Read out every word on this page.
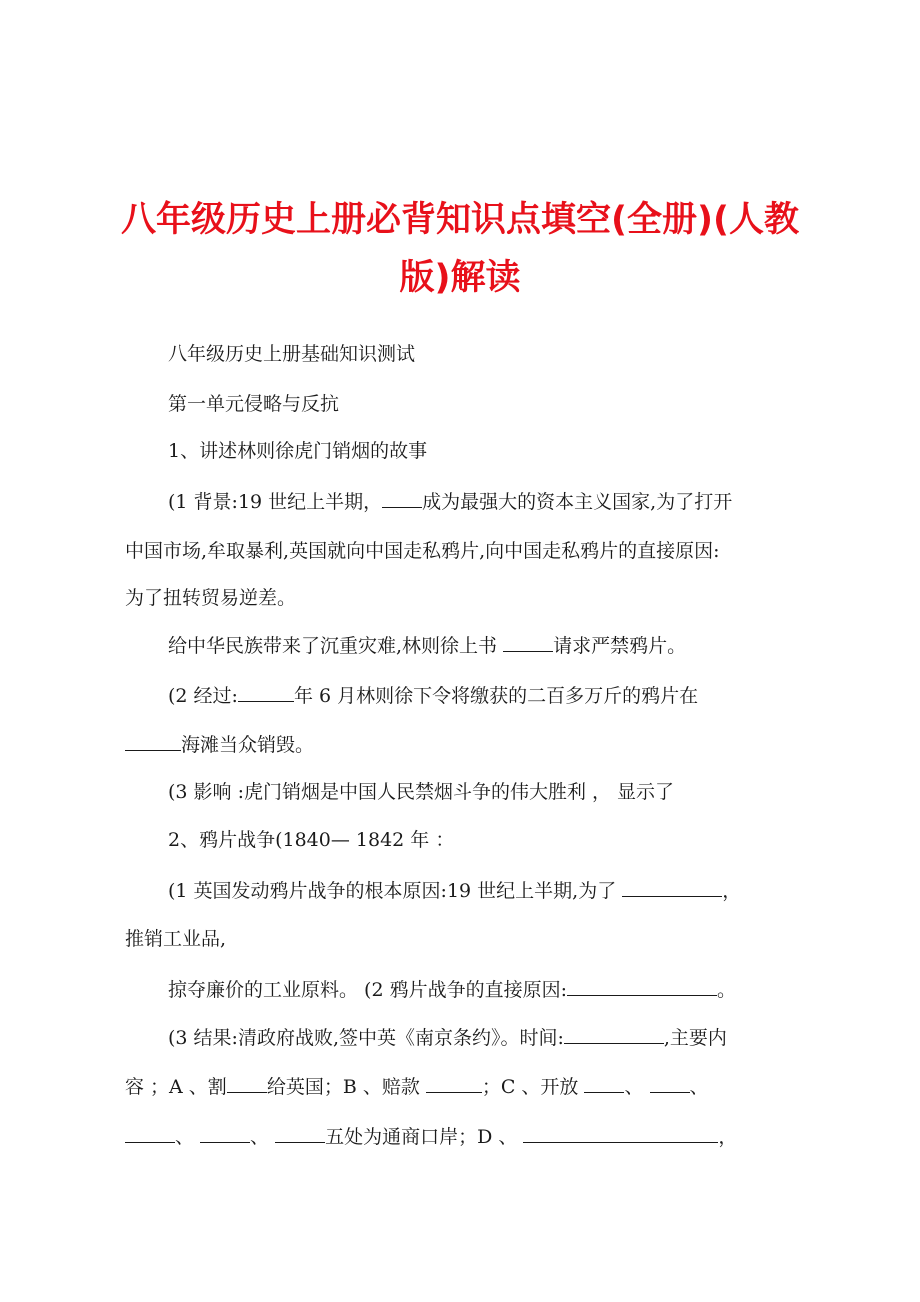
八年级历史上册必背知识点填空(全册)(人教
版)解读
八年级历史上册基础知识测试
第一单元侵略与反抗
1、讲述林则徐虎门销烟的故事
(1 背景:19 世纪上半期， 成为最强大的资本主义国家,为了打开
中国市场,牟取暴利,英国就向中国走私鸦片,向中国走私鸦片的直接原因:
为了扭转贸易逆差。
给中华民族带来了沉重灾难,林则徐上书	请求严禁鸦片。
(2 经过:	年 6 月林则徐下令将缴获的二百多万斤的鸦片在
海滩当众销毁。
(3 影响 :虎门销烟是中国人民禁烟斗争的伟大胜利 ， 显示了
2、鸦片战争(1840— 1842 年 ：
(1 英国发动鸦片战争的根本原因:19 世纪上半期,为了	，
推销工业品,
掠夺廉价的工业原料。 (2 鸦片战争的直接原因:	。
(3 结果:清政府战败,签中英《南京条约》。时间:	,主要内
容 ；A 、割 给英国；B 、赔款	；C 、开放 、 、
、	、	五处为通商口岸；D 、	，
